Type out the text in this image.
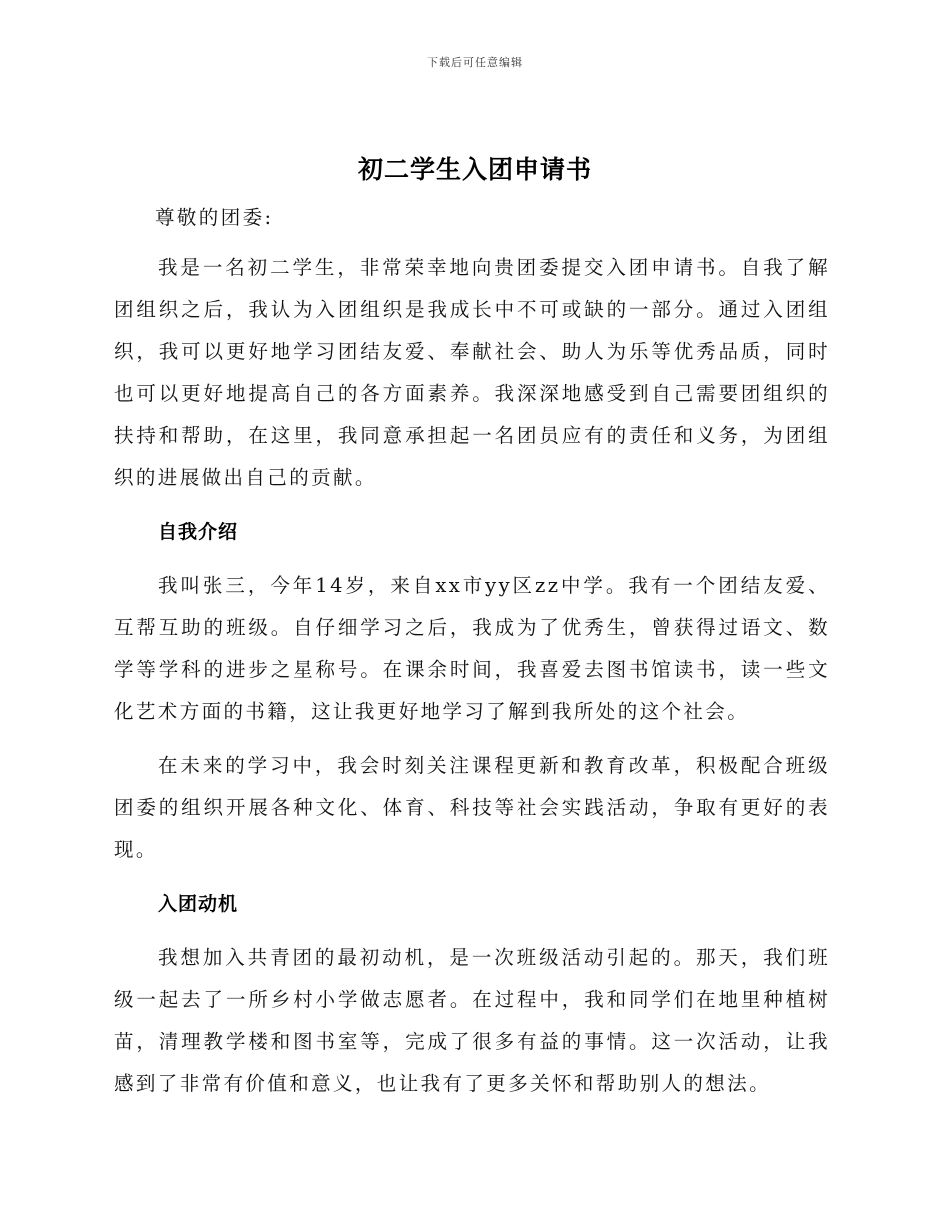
下载后可任意编辑
初二学生入团申请书

尊敬的团委:

我是一名初二学生，非常荣幸地向贵团委提交入团申请书。自我了解团组织之后，我认为入团组织是我成长中不可或缺的一部分。通过入团组织，我可以更好地学习团结友爱、奉献社会、助人为乐等优秀品质，同时也可以更好地提高自己的各方面素养。我深深地感受到自己需要团组织的扶持和帮助，在这里，我同意承担起一名团员应有的责任和义务，为团组织的进展做出自己的贡献。

自我介绍

我叫张三，今年14岁，来自xx市yy区zz中学。我有一个团结友爱、互帮互助的班级。自仔细学习之后，我成为了优秀生，曾获得过语文、数学等学科的进步之星称号。在课余时间，我喜爱去图书馆读书，读一些文化艺术方面的书籍，这让我更好地学习了解到我所处的这个社会。

在未来的学习中，我会时刻关注课程更新和教育改革，积极配合班级团委的组织开展各种文化、体育、科技等社会实践活动，争取有更好的表现。

入团动机

我想加入共青团的最初动机，是一次班级活动引起的。那天，我们班级一起去了一所乡村小学做志愿者。在过程中，我和同学们在地里种植树苗，清理教学楼和图书室等，完成了很多有益的事情。这一次活动，让我感到了非常有价值和意义，也让我有了更多关怀和帮助别人的想法。
